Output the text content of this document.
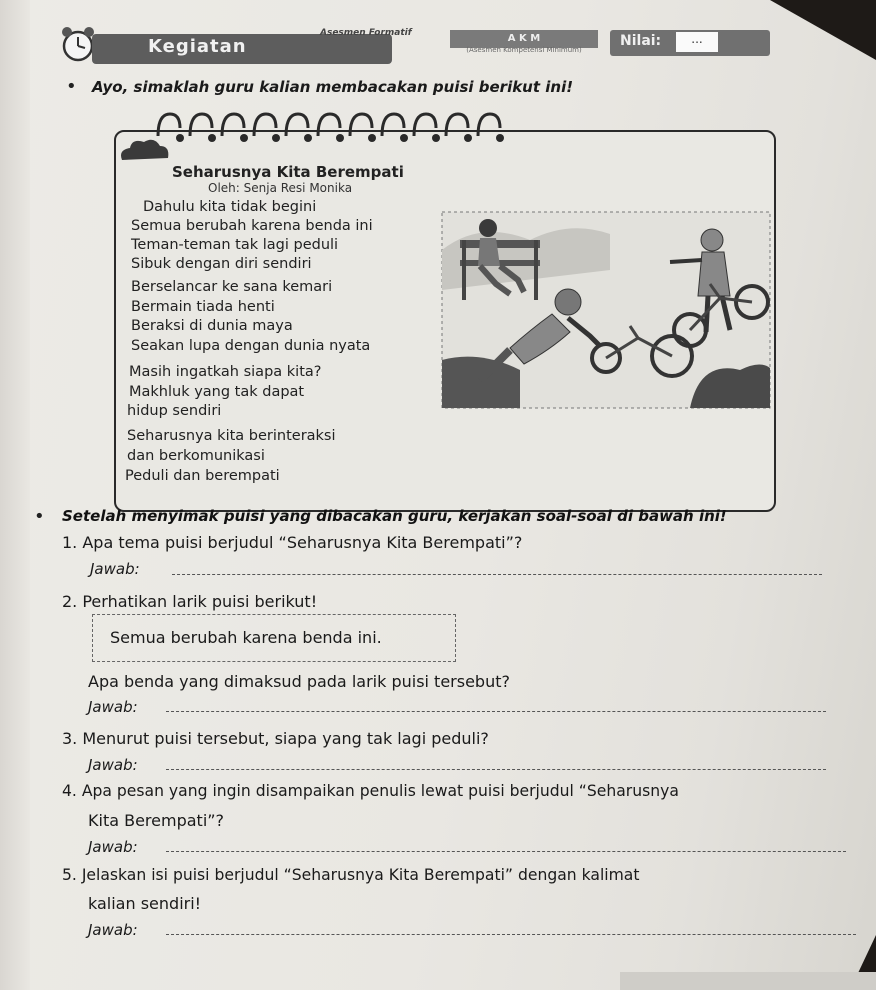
Kegiatan
Asesmen Formatif	A K M
(Asesmen Kompetensi Minimum)
Nilai:	...
• Ayo, simaklah guru kalian membacakan puisi berikut ini!
Seharusnya Kita Berempati
Oleh: Senja Resi Monika
Dahulu kita tidak begini
Semua berubah karena benda ini
Teman-teman tak lagi peduli
Sibuk dengan diri sendiri
Berselancar ke sana kemari
Bermain tiada henti
Beraksi di dunia maya
Seakan lupa dengan dunia nyata
Masih ingatkah siapa kita?
Makhluk yang tak dapat
hidup sendiri
Seharusnya kita berinteraksi
dan berkomunikasi
Peduli dan berempati
• Setelah menyimak puisi yang dibacakan guru, kerjakan soal-soal di bawah ini!
1. Apa tema puisi berjudul “Seharusnya Kita Berempati”?
Jawab:
2. Perhatikan larik puisi berikut!
Semua berubah karena benda ini.
Apa benda yang dimaksud pada larik puisi tersebut?
Jawab:
3. Menurut puisi tersebut, siapa yang tak lagi peduli?
Jawab:
4. Apa pesan yang ingin disampaikan penulis lewat puisi berjudul “Seharusnya
Kita Berempati”?
Jawab:
5. Jelaskan isi puisi berjudul “Seharusnya Kita Berempati” dengan kalimat
kalian sendiri!
Jawab:
